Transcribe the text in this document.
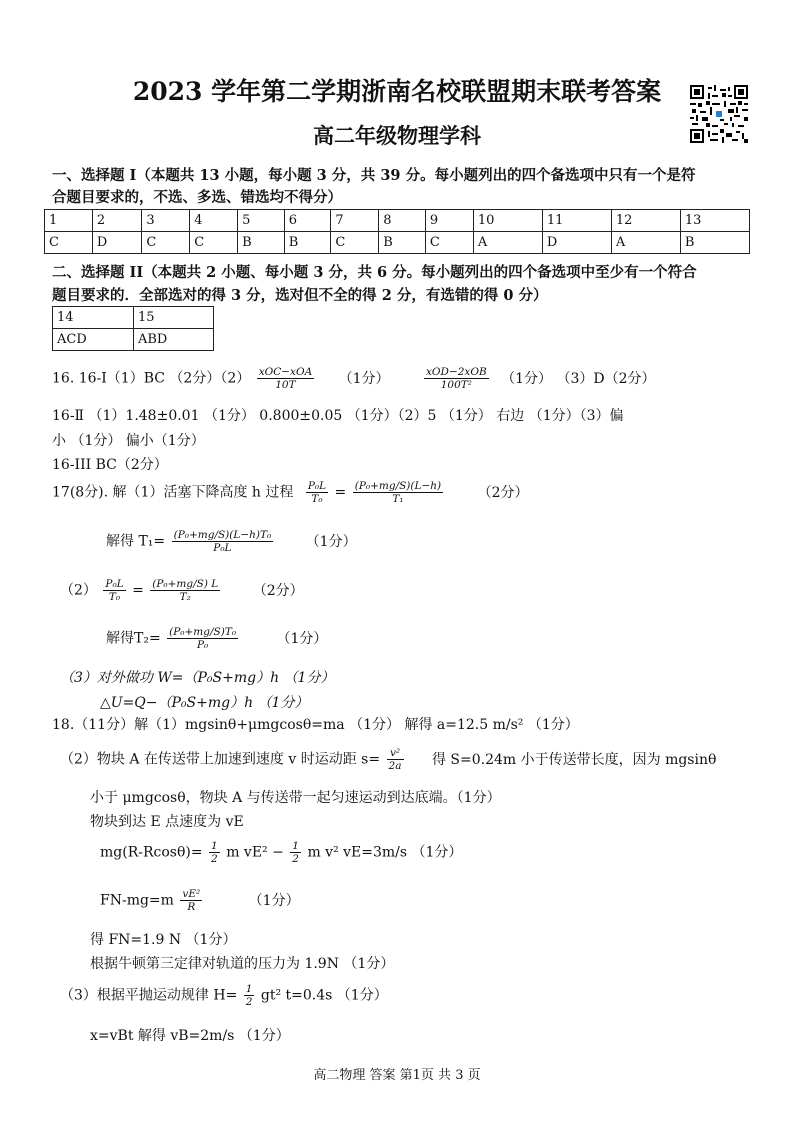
2023 学年第二学期浙南名校联盟期末联考答案
高二年级物理学科
一、选择题 I（本题共 13 小题，每小题 3 分，共 39 分。每小题列出的四个备选项中只有一个是符
合题目要求的，不选、多选、错选均不得分）
1	2	3	4	5	6	7	8	9	10	11	12	13
C	D	C	C	B	B	C	B	C	A	D	A	B
二、选择题 II（本题共 2 小题、每小题 3 分，共 6 分。每小题列出的四个备选项中至少有一个符合
题目要求的．全部选对的得 3 分，选对但不全的得 2 分，有选错的得 0 分）
14	15
ACD	ABD
16. 16-Ⅰ（1）BC （2分）$(2) \frac{\text{xOC−xOA}}{10T} (1$分）	$\frac{\text{xOD−2xOB}}{\text{100T²}} (1$分） （3）D（2分）
16-Ⅱ （1）1.48±0.01 （1分） 0.800±0.05 （1分）（2）5 （1分） 右边 （1分）（3）偏
小 （1分） 偏小（1分）
16-III BC（2分）
17(8分). 解（1）活塞下降高度 h 过程 $\frac{\text{P₀L}}{\text{T₀}} = \frac{\text{(P₀+mg/S)(L−h)}}{\text{T₁}} (2$分）
解得 $T_1= \frac{\text{(P₀+mg/S)(L−h)T₀}}{\text{P₀L}} (1$分）
$(2) \frac{\text{P₀L}}{\text{T₀}} = \frac{\text{(P₀+mg/S) L}}{\text{T₂}} (2$分）
解得$T_2= \frac{\text{(P₀+mg/S)T₀}}{\text{P₀}}$	（1分）
（3）对外做功 W=（P₀S+mg）h （1分）
△U=Q−（P₀S+mg）h （1分）
18.（11分）解（1）mgsinθ+μmgcosθ=ma （1分） 解得 a=12.5 m/s² （1分）
（2）物块 A 在传送带上加速到速度 v 时运动距 $s= \frac{\text{v²}}{2a}$ 得 S=0.24m 小于传送带长度，因为 mgsinθ
小于 μmgcosθ，物块 A 与传送带一起匀速运动到达底端。（1分）
物块到达 E 点速度为 vE
$mg(R-Rcos\theta)= \frac{1}{2}$ m $vE^2 - \frac{1}{2}$ m v² vE=3m/s （1分）
$FN-mg=m \frac{\text{vE²}}{R}$	（1分）
得 FN=1.9 N （1分）
根据牛顿第三定律对轨道的压力为 1.9N （1分）
（3）根据平抛运动规律 $H= \frac{1}{2} gt^2$ t=0.4s （1分）
x=vBt 解得 vB=2m/s （1分）
高二物理 答案 第1页 共 3 页
